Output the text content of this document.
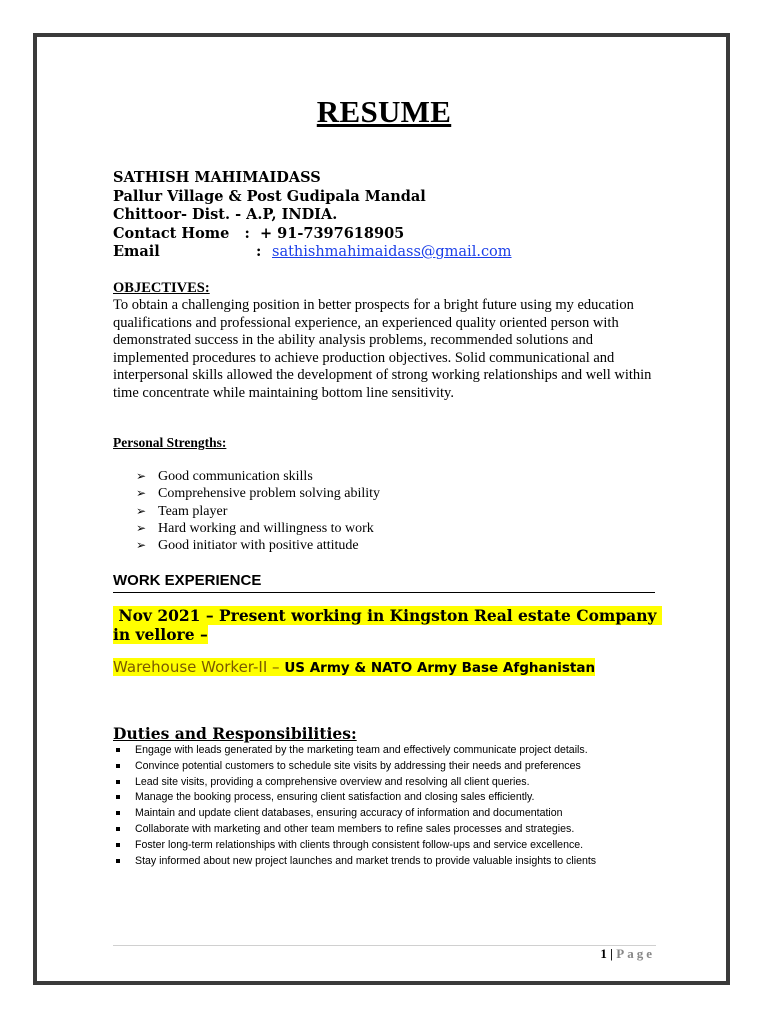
RESUME
SATHISH MAHIMAIDASS
Pallur Village & Post Gudipala Mandal
Chittoor- Dist. - A.P, INDIA.
Contact Home   :  + 91-7397618905
Email	: sathishmahimaidass@gmail.com
OBJECTIVES:
To obtain a challenging position in better prospects for a bright future using my education qualifications and professional experience, an experienced quality oriented person with demonstrated success in the ability analysis problems, recommended solutions and implemented procedures to achieve production objectives. Solid communicational and interpersonal skills allowed the development of strong working relationships and well within time concentrate while maintaining bottom line sensitivity.
Personal Strengths:
➢ Good communication skills
➢ Comprehensive problem solving ability
➢ Team player
➢ Hard working and willingness to work
➢ Good initiator with positive attitude
WORK EXPERIENCE
Nov 2021 – Present working in Kingston Real estate Company in vellore –
Warehouse Worker-II – US Army & NATO Army Base Afghanistan
Duties and Responsibilities:
Engage with leads generated by the marketing team and effectively communicate project details.
Convince potential customers to schedule site visits by addressing their needs and preferences
Lead site visits, providing a comprehensive overview and resolving all client queries.
Manage the booking process, ensuring client satisfaction and closing sales efficiently.
Maintain and update client databases, ensuring accuracy of information and documentation
Collaborate with marketing and other team members to refine sales processes and strategies.
Foster long-term relationships with clients through consistent follow-ups and service excellence.
Stay informed about new project launches and market trends to provide valuable insights to clients
1 | Page
